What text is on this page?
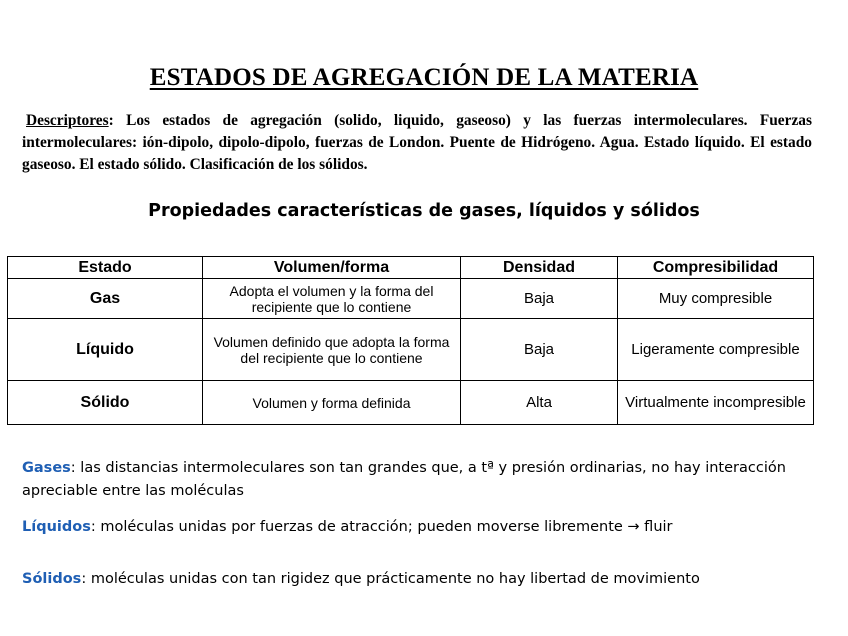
ESTADOS DE AGREGACIÓN DE LA MATERIA
Descriptores: Los estados de agregación (solido, liquido, gaseoso) y las fuerzas intermoleculares. Fuerzas intermoleculares: ión-dipolo, dipolo-dipolo, fuerzas de London. Puente de Hidrógeno. Agua. Estado líquido. El estado gaseoso. El estado sólido. Clasificación de los sólidos.
Propiedades características de gases, líquidos y sólidos
Estado	Volumen/forma	Densidad	Compresibilidad
Gas	Adopta el volumen y la forma del recipiente que lo contiene	Baja	Muy compresible
Líquido	Volumen definido que adopta la forma del recipiente que lo contiene	Baja	Ligeramente compresible
Sólido	Volumen y forma definida	Alta	Virtualmente incompresible
Gases: las distancias intermoleculares son tan grandes que, a tª y presión ordinarias, no hay interacción apreciable entre las moléculas
Líquidos: moléculas unidas por fuerzas de atracción; pueden moverse libremente → fluir
Sólidos: moléculas unidas con tan rigidez que prácticamente no hay libertad de movimiento
